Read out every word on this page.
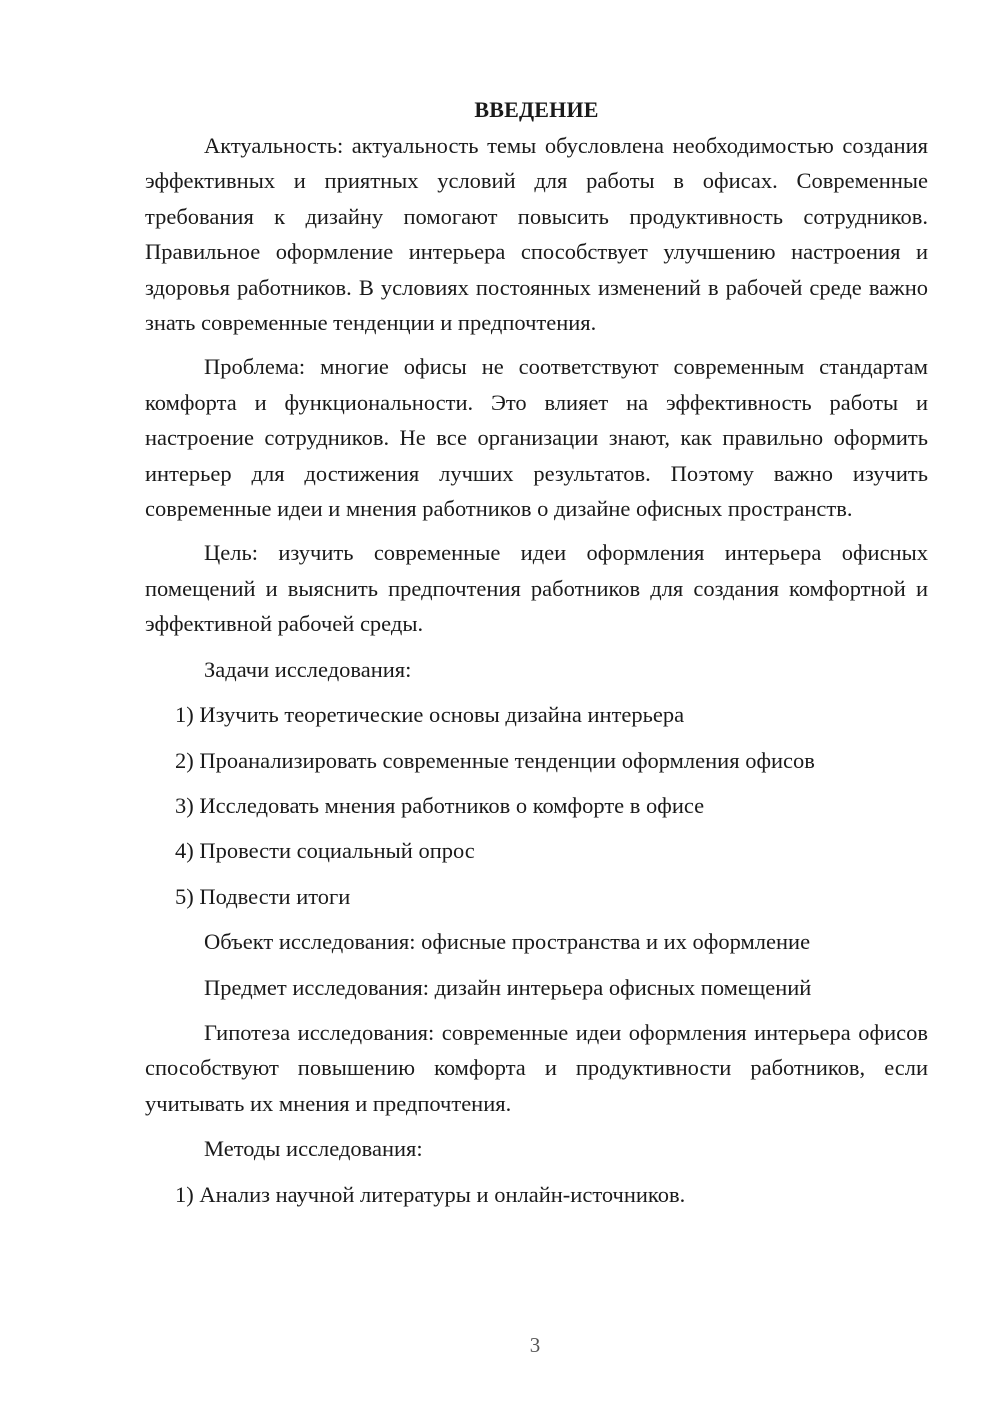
ВВЕДЕНИЕ

Актуальность: актуальность темы обусловлена необходимостью создания эффективных и приятных условий для работы в офисах. Современные требования к дизайну помогают повысить продуктивность сотрудников. Правильное оформление интерьера способствует улучшению настроения и здоровья работников. В условиях постоянных изменений в рабочей среде важно знать современные тенденции и предпочтения.

Проблема: многие офисы не соответствуют современным стандартам комфорта и функциональности. Это влияет на эффективность работы и настроение сотрудников. Не все организации знают, как правильно оформить интерьер для достижения лучших результатов. Поэтому важно изучить современные идеи и мнения работников о дизайне офисных пространств.

Цель: изучить современные идеи оформления интерьера офисных помещений и выяснить предпочтения работников для создания комфортной и эффективной рабочей среды.

Задачи исследования:

1) Изучить теоретические основы дизайна интерьера

2) Проанализировать современные тенденции оформления офисов

3) Исследовать мнения работников о комфорте в офисе

4) Провести социальный опрос

5) Подвести итоги

Объект исследования: офисные пространства и их оформление

Предмет исследования: дизайн интерьера офисных помещений

Гипотеза исследования: современные идеи оформления интерьера офисов способствуют повышению комфорта и продуктивности работников, если учитывать их мнения и предпочтения.

Методы исследования:

1) Анализ научной литературы и онлайн-источников.

3
